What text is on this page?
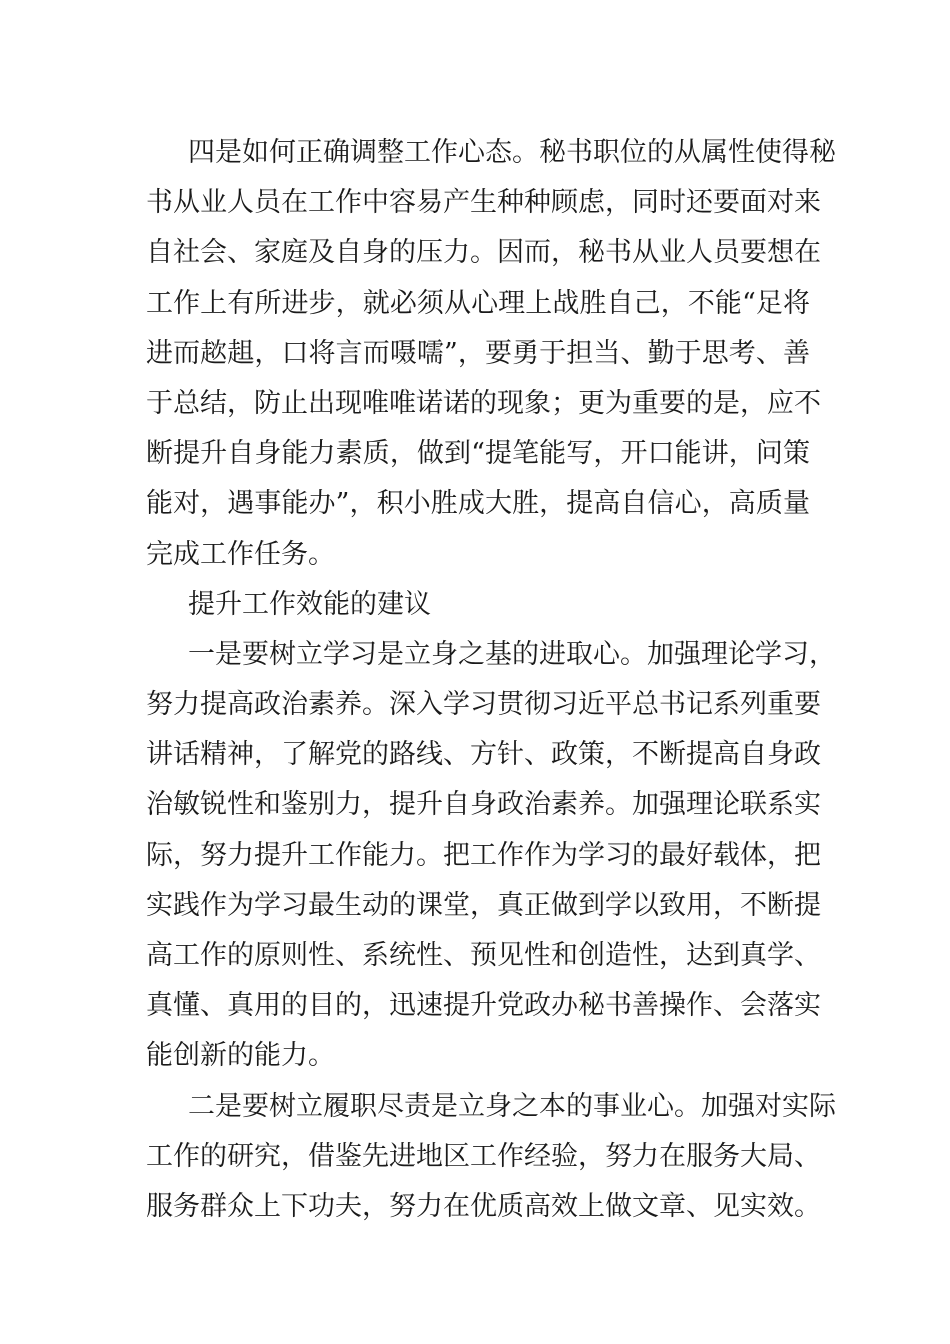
四是如何正确调整工作心态。秘书职位的从属性使得秘
书从业人员在工作中容易产生种种顾虑，同时还要面对来
自社会、家庭及自身的压力。因而，秘书从业人员要想在
工作上有所进步，就必须从心理上战胜自己，不能“足将
进而趑趄，口将言而嗫嚅”，要勇于担当、勤于思考、善
于总结，防止出现唯唯诺诺的现象；更为重要的是，应不
断提升自身能力素质，做到“提笔能写，开口能讲，问策
能对，遇事能办”，积小胜成大胜，提高自信心，高质量
完成工作任务。
提升工作效能的建议
一是要树立学习是立身之基的进取心。加强理论学习，
努力提高政治素养。深入学习贯彻习近平总书记系列重要
讲话精神，了解党的路线、方针、政策，不断提高自身政
治敏锐性和鉴别力，提升自身政治素养。加强理论联系实
际，努力提升工作能力。把工作作为学习的最好载体，把
实践作为学习最生动的课堂，真正做到学以致用，不断提
高工作的原则性、系统性、预见性和创造性，达到真学、
真懂、真用的目的，迅速提升党政办秘书善操作、会落实
能创新的能力。
二是要树立履职尽责是立身之本的事业心。加强对实际
工作的研究，借鉴先进地区工作经验，努力在服务大局、
服务群众上下功夫，努力在优质高效上做文章、见实效。
